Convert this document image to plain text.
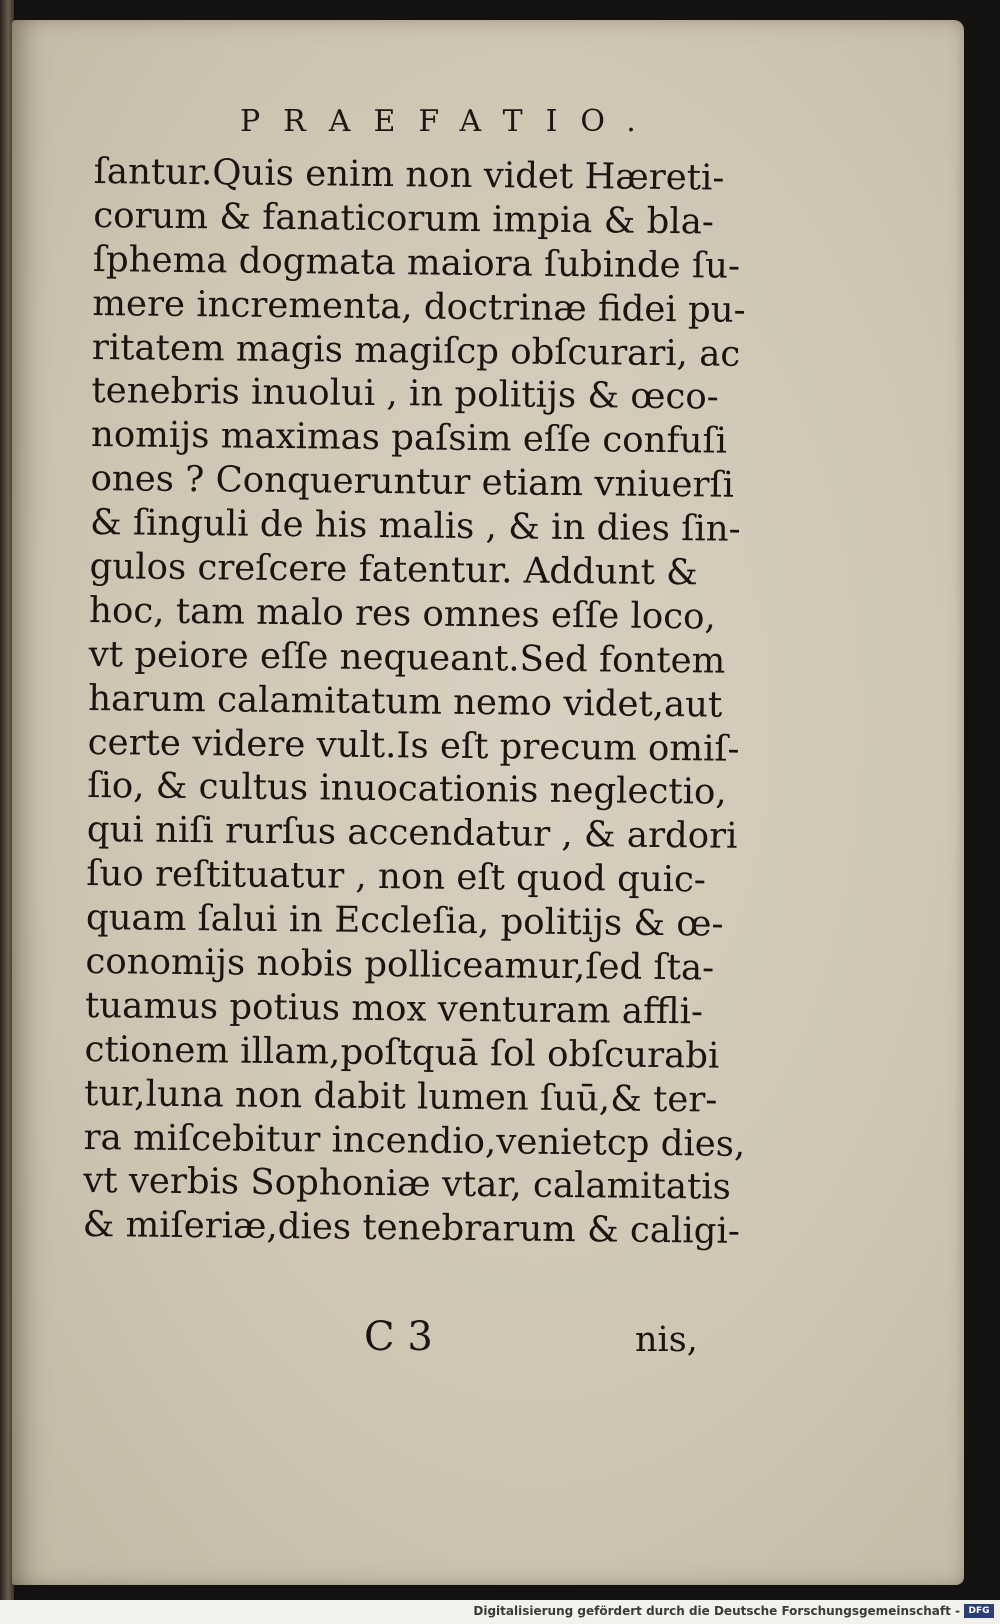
PRAEFATIO.
ſantur.Quis enim non videt Hæreti-
corum & fanaticorum impia & bla-
ſphema dogmata maiora ſubinde ſu-
mere incrementa, doctrinæ fidei pu-
ritatem magis magiſcp obſcurari, ac
tenebris inuolui , in politijs & œco-
nomijs maximas paſsim eſſe confuſi
ones ? Conqueruntur etiam vniuerſi
& ſinguli de his malis , & in dies ſin-
gulos creſcere fatentur. Addunt &
hoc, tam malo res omnes eſſe loco,
vt peiore eſſe nequeant.Sed fontem
harum calamitatum nemo videt,aut
certe videre vult.Is eſt precum omiſ-
ſio, & cultus inuocationis neglectio,
qui niſi rurſus accendatur , & ardori
ſuo reſtituatur , non eſt quod quic-
quam ſalui in Eccleſia, politijs & œ-
conomijs nobis polliceamur,ſed ſta-
tuamus potius mox venturam affli-
ctionem illam,poſtquā ſol obſcurabi
tur,luna non dabit lumen ſuū,& ter-
ra miſcebitur incendio,venietcp dies,
vt verbis Sophoniæ vtar, calamitatis
& miſeriæ,dies tenebrarum & caligi-
C 3	nis,
Digitalisierung gefördert durch die Deutsche Forschungsgemeinschaft - DFG
